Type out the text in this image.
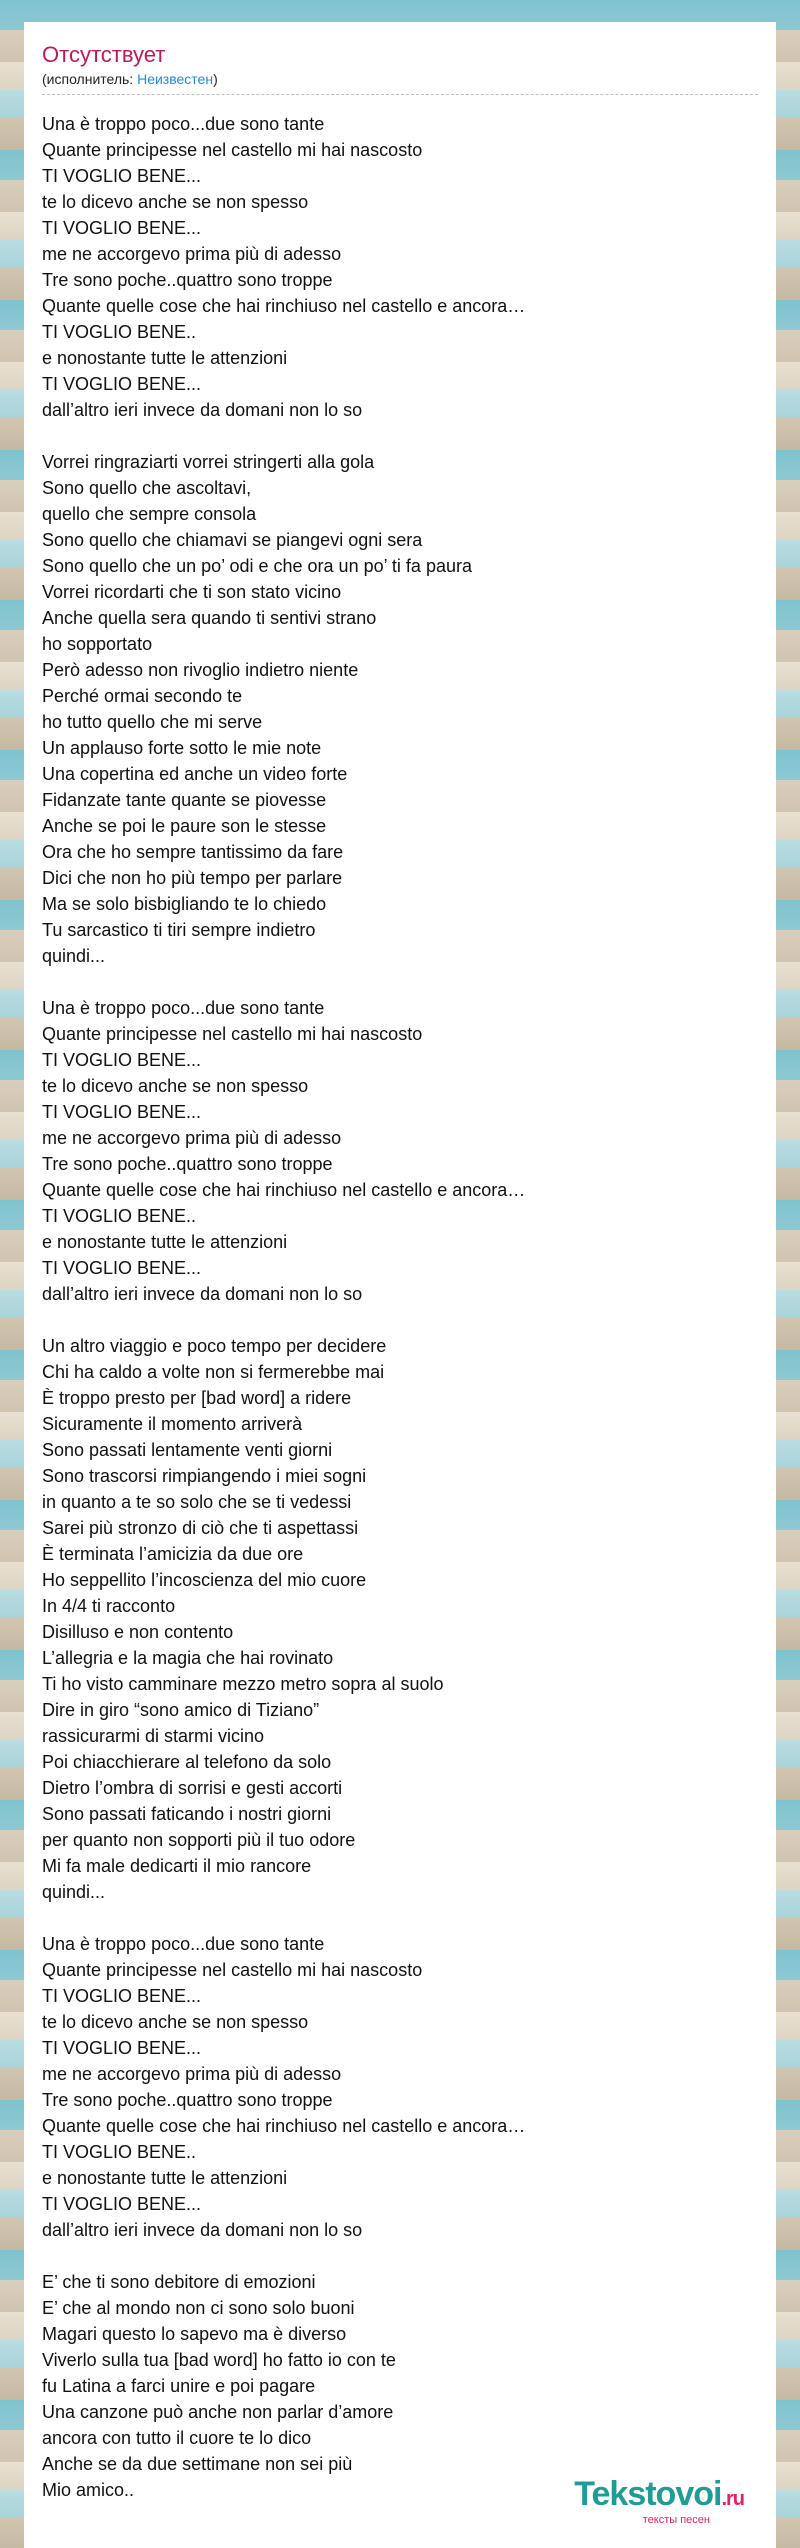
Отсутствует
(исполнитель: Неизвестен)
Una è troppo poco...due sono tante
Quante principesse nel castello mi hai nascosto
TI VOGLIO BENE...
te lo dicevo anche se non spesso
TI VOGLIO BENE...
me ne accorgevo prima più di adesso
Tre sono poche..quattro sono troppe
Quante quelle cose che hai rinchiuso nel castello e ancora…
TI VOGLIO BENE..
e nonostante tutte le attenzioni
TI VOGLIO BENE...
dall’altro ieri invece da domani non lo so
Vorrei ringraziarti vorrei stringerti alla gola
Sono quello che ascoltavi,
quello che sempre consola
Sono quello che chiamavi se piangevi ogni sera
Sono quello che un po’ odi e che ora un po’ ti fa paura
Vorrei ricordarti che ti son stato vicino
Anche quella sera quando ti sentivi strano
ho sopportato
Però adesso non rivoglio indietro niente
Perché ormai secondo te
ho tutto quello che mi serve
Un applauso forte sotto le mie note
Una copertina ed anche un video forte
Fidanzate tante quante se piovesse
Anche se poi le paure son le stesse
Ora che ho sempre tantissimo da fare
Dici che non ho più tempo per parlare
Ma se solo bisbigliando te lo chiedo
Tu sarcastico ti tiri sempre indietro
quindi...
Una è troppo poco...due sono tante
Quante principesse nel castello mi hai nascosto
TI VOGLIO BENE...
te lo dicevo anche se non spesso
TI VOGLIO BENE...
me ne accorgevo prima più di adesso
Tre sono poche..quattro sono troppe
Quante quelle cose che hai rinchiuso nel castello e ancora…
TI VOGLIO BENE..
e nonostante tutte le attenzioni
TI VOGLIO BENE...
dall’altro ieri invece da domani non lo so
Un altro viaggio e poco tempo per decidere
Chi ha caldo a volte non si fermerebbe mai
È troppo presto per [bad word] a ridere
Sicuramente il momento arriverà
Sono passati lentamente venti giorni
Sono trascorsi rimpiangendo i miei sogni
in quanto a te so solo che se ti vedessi
Sarei più stronzo di ciò che ti aspettassi
È terminata l’amicizia da due ore
Ho seppellito l’incoscienza del mio cuore
In 4/4 ti racconto
Disilluso e non contento
L’allegria e la magia che hai rovinato
Ti ho visto camminare mezzo metro sopra al suolo
Dire in giro “sono amico di Tiziano”
rassicurarmi di starmi vicino
Poi chiacchierare al telefono da solo
Dietro l’ombra di sorrisi e gesti accorti
Sono passati faticando i nostri giorni
per quanto non sopporti più il tuo odore
Mi fa male dedicarti il mio rancore
quindi...
Una è troppo poco...due sono tante
Quante principesse nel castello mi hai nascosto
TI VOGLIO BENE...
te lo dicevo anche se non spesso
TI VOGLIO BENE...
me ne accorgevo prima più di adesso
Tre sono poche..quattro sono troppe
Quante quelle cose che hai rinchiuso nel castello e ancora…
TI VOGLIO BENE..
e nonostante tutte le attenzioni
TI VOGLIO BENE...
dall’altro ieri invece da domani non lo so
E’ che ti sono debitore di emozioni
E’ che al mondo non ci sono solo buoni
Magari questo lo sapevo ma è diverso
Viverlo sulla tua [bad word] ho fatto io con te
fu Latina a farci unire e poi pagare
Una canzone può anche non parlar d’amore
ancora con tutto il cuore te lo dico
Anche se da due settimane non sei più
Mio amico..	Tekstovoi.ru
тексты песен
